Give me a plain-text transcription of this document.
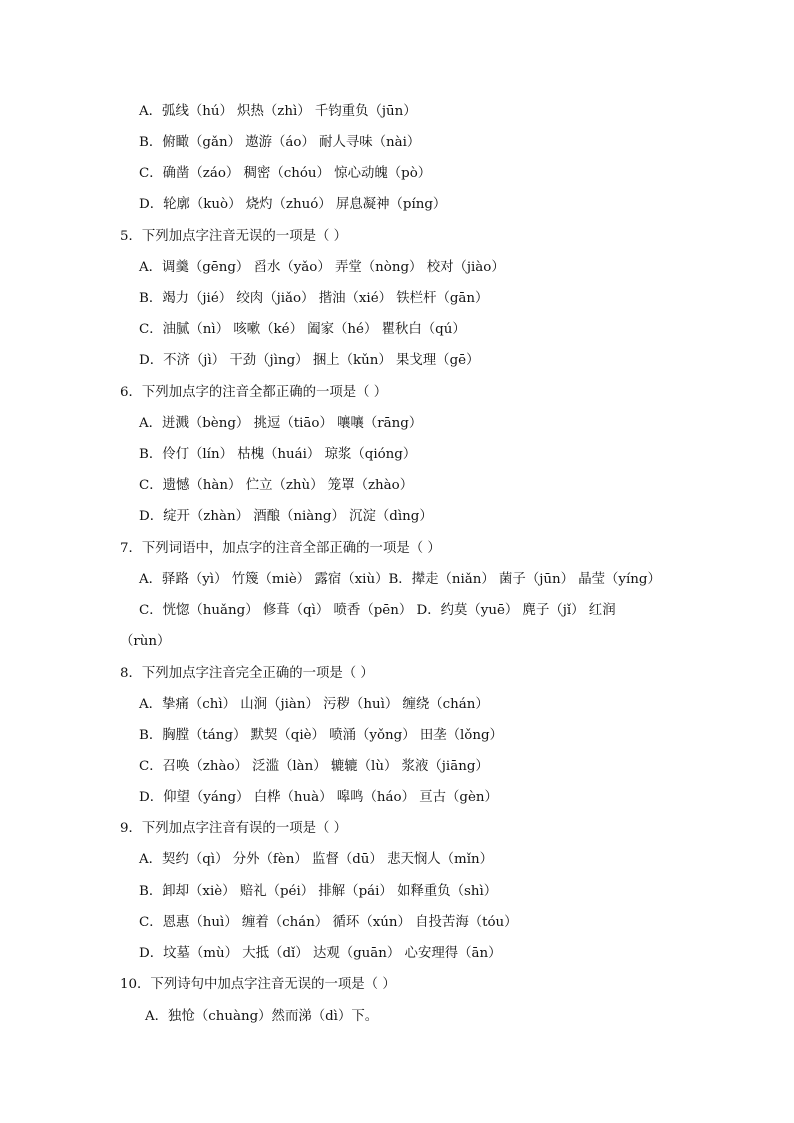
A．弧线（hú） 炽热（zhì） 千钧重负（jūn）
B．俯瞰（gǎn） 遨游（áo） 耐人寻味（nài）
C．确凿（záo） 稠密（chóu） 惊心动魄（pò）
D．轮廓（kuò） 烧灼（zhuó） 屏息凝神（píng）
5．下列加点字注音无误的一项是（ ）
A．调羹（gēng） 舀水（yǎo） 弄堂（nòng） 校对（jiào）
B．竭力（jié） 绞肉（jiǎo） 揩油（xié） 铁栏杆（gān）
C．油腻（nì） 咳嗽（ké） 阖家（hé） 瞿秋白（qú）
D．不济（jì） 干劲（jìng） 捆上（kǔn） 果戈理（gē）
6．下列加点字的注音全都正确的一项是（ ）
A．迸溅（bèng） 挑逗（tiāo） 嚷嚷（rāng）
B．伶仃（lín） 枯槐（huái） 琼浆（qióng）
C．遗憾（hàn） 伫立（zhù） 笼罩（zhào）
D．绽开（zhàn） 酒酿（niàng） 沉淀（dìng）
7．下列词语中，加点字的注音全部正确的一项是（ ）
A．驿路（yì） 竹篾（miè） 露宿（xiù）B．撵走（niǎn） 菌子（jūn） 晶莹（yíng）
C．恍惚（huǎng） 修葺（qì） 喷香（pēn） D．约莫（yuē） 麂子（jǐ） 红润
（rùn）
8．下列加点字注音完全正确的一项是（ ）
A．挚痛（chì） 山涧（jiàn） 污秽（huì） 缠绕（chán）
B．胸膛（táng） 默契（qiè） 喷涌（yǒng） 田垄（lǒng）
C．召唤（zhào） 泛滥（làn） 辘辘（lù） 浆液（jiāng）
D．仰望（yáng） 白桦（huà） 嗥鸣（háo） 亘古（gèn）
9．下列加点字注音有误的一项是（ ）
A．契约（qì） 分外（fèn） 监督（dū） 悲天悯人（mǐn）
B．卸却（xiè） 赔礼（péi） 排解（pái） 如释重负（shì）
C．恩惠（huì） 缠着（chán） 循环（xún） 自投苦海（tóu）
D．坟墓（mù） 大抵（dǐ） 达观（guān） 心安理得（ān）
10．下列诗句中加点字注音无误的一项是（ ）
A．独怆（chuàng）然而涕（dì）下。
